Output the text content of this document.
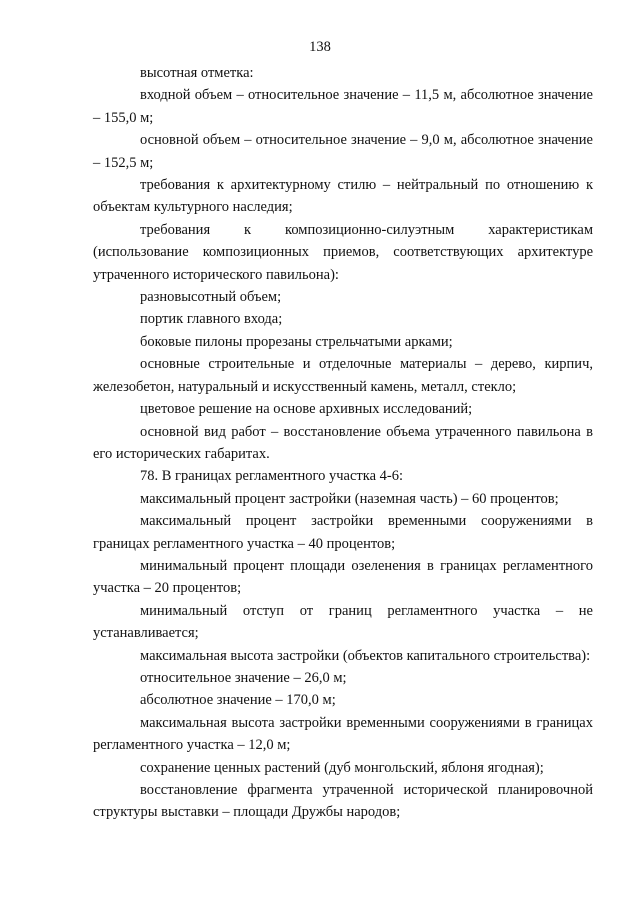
138

высотная отметка:

входной объем – относительное значение – 11,5 м, абсолютное значение – 155,0 м;

основной объем – относительное значение – 9,0 м, абсолютное значение – 152,5 м;

требования к архитектурному стилю – нейтральный по отношению к объектам культурного наследия;

требования к композиционно-силуэтным характеристикам (использование композиционных приемов, соответствующих архитектуре утраченного исторического павильона):

разновысотный объем;

портик главного входа;

боковые пилоны прорезаны стрельчатыми арками;

основные строительные и отделочные материалы – дерево, кирпич, железобетон, натуральный и искусственный камень, металл, стекло;

цветовое решение на основе архивных исследований;

основной вид работ – восстановление объема утраченного павильона в его исторических габаритах.

78. В границах регламентного участка 4-6:

максимальный процент застройки (наземная часть) – 60 процентов;

максимальный процент застройки временными сооружениями в границах регламентного участка – 40 процентов;

минимальный процент площади озеленения в границах регламентного участка – 20 процентов;

минимальный отступ от границ регламентного участка – не устанавливается;

максимальная высота застройки (объектов капитального строительства):

относительное значение – 26,0 м;

абсолютное значение – 170,0 м;

максимальная высота застройки временными сооружениями в границах регламентного участка – 12,0 м;

сохранение ценных растений (дуб монгольский, яблоня ягодная);

восстановление фрагмента утраченной исторической планировочной структуры выставки – площади Дружбы народов;
